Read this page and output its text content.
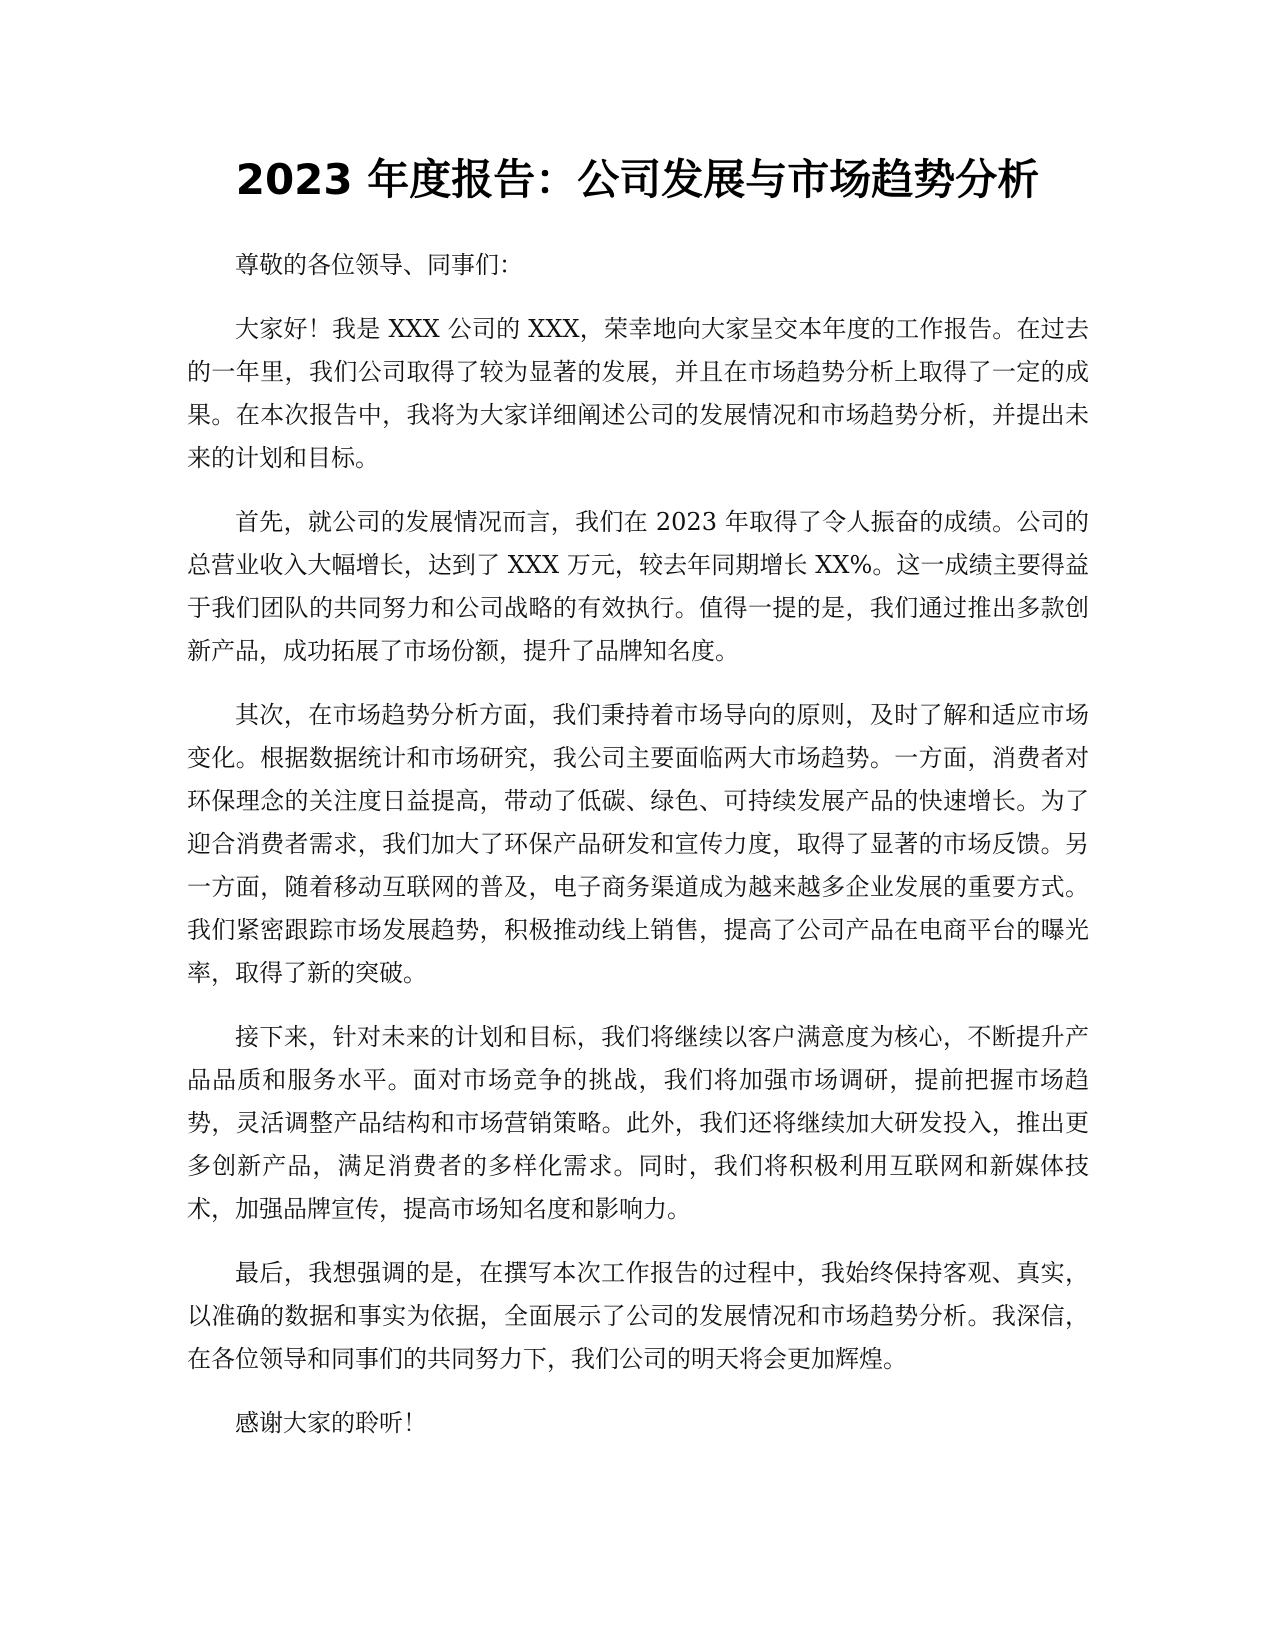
2023 年度报告：公司发展与市场趋势分析

尊敬的各位领导、同事们：

大家好！我是 XXX 公司的 XXX，荣幸地向大家呈交本年度的工作报告。在过去的一年里，我们公司取得了较为显著的发展，并且在市场趋势分析上取得了一定的成果。在本次报告中，我将为大家详细阐述公司的发展情况和市场趋势分析，并提出未来的计划和目标。

首先，就公司的发展情况而言，我们在 2023 年取得了令人振奋的成绩。公司的总营业收入大幅增长，达到了 XXX 万元，较去年同期增长 XX%。这一成绩主要得益于我们团队的共同努力和公司战略的有效执行。值得一提的是，我们通过推出多款创新产品，成功拓展了市场份额，提升了品牌知名度。

其次，在市场趋势分析方面，我们秉持着市场导向的原则，及时了解和适应市场变化。根据数据统计和市场研究，我公司主要面临两大市场趋势。一方面，消费者对环保理念的关注度日益提高，带动了低碳、绿色、可持续发展产品的快速增长。为了迎合消费者需求，我们加大了环保产品研发和宣传力度，取得了显著的市场反馈。另一方面，随着移动互联网的普及，电子商务渠道成为越来越多企业发展的重要方式。我们紧密跟踪市场发展趋势，积极推动线上销售，提高了公司产品在电商平台的曝光率，取得了新的突破。

接下来，针对未来的计划和目标，我们将继续以客户满意度为核心，不断提升产品品质和服务水平。面对市场竞争的挑战，我们将加强市场调研，提前把握市场趋势，灵活调整产品结构和市场营销策略。此外，我们还将继续加大研发投入，推出更多创新产品，满足消费者的多样化需求。同时，我们将积极利用互联网和新媒体技术，加强品牌宣传，提高市场知名度和影响力。

最后，我想强调的是，在撰写本次工作报告的过程中，我始终保持客观、真实，以准确的数据和事实为依据，全面展示了公司的发展情况和市场趋势分析。我深信，在各位领导和同事们的共同努力下，我们公司的明天将会更加辉煌。

感谢大家的聆听！
